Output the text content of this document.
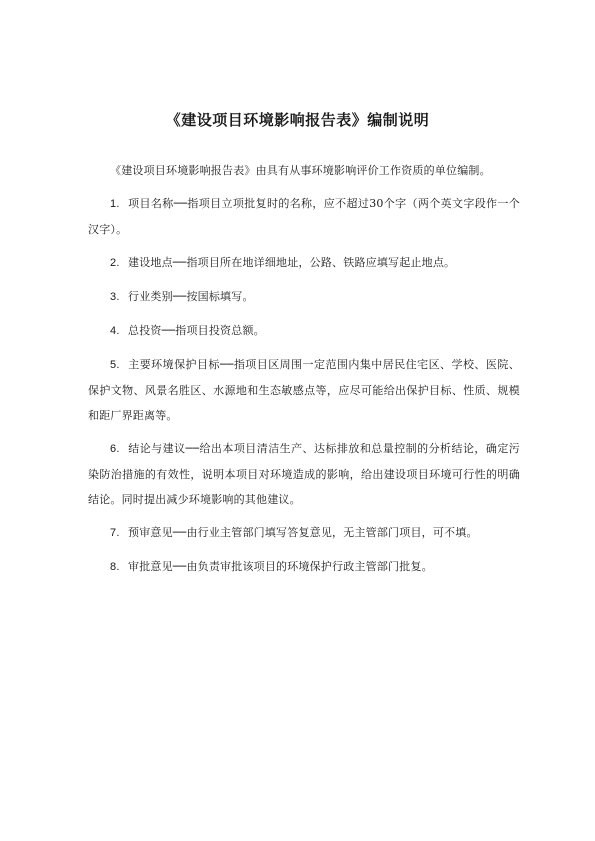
《建设项目环境影响报告表》编制说明

《建设项目环境影响报告表》由具有从事环境影响评价工作资质的单位编制。

1. 项目名称──指项目立项批复时的名称，应不超过30个字（两个英文字段作一个汉字）。

2. 建设地点──指项目所在地详细地址，公路、铁路应填写起止地点。

3. 行业类别──按国标填写。

4. 总投资──指项目投资总额。

5. 主要环境保护目标──指项目区周围一定范围内集中居民住宅区、学校、医院、保护文物、风景名胜区、水源地和生态敏感点等，应尽可能给出保护目标、性质、规模和距厂界距离等。

6. 结论与建议──给出本项目清洁生产、达标排放和总量控制的分析结论，确定污染防治措施的有效性，说明本项目对环境造成的影响，给出建设项目环境可行性的明确结论。同时提出减少环境影响的其他建议。

7. 预审意见──由行业主管部门填写答复意见，无主管部门项目，可不填。

8. 审批意见──由负责审批该项目的环境保护行政主管部门批复。
